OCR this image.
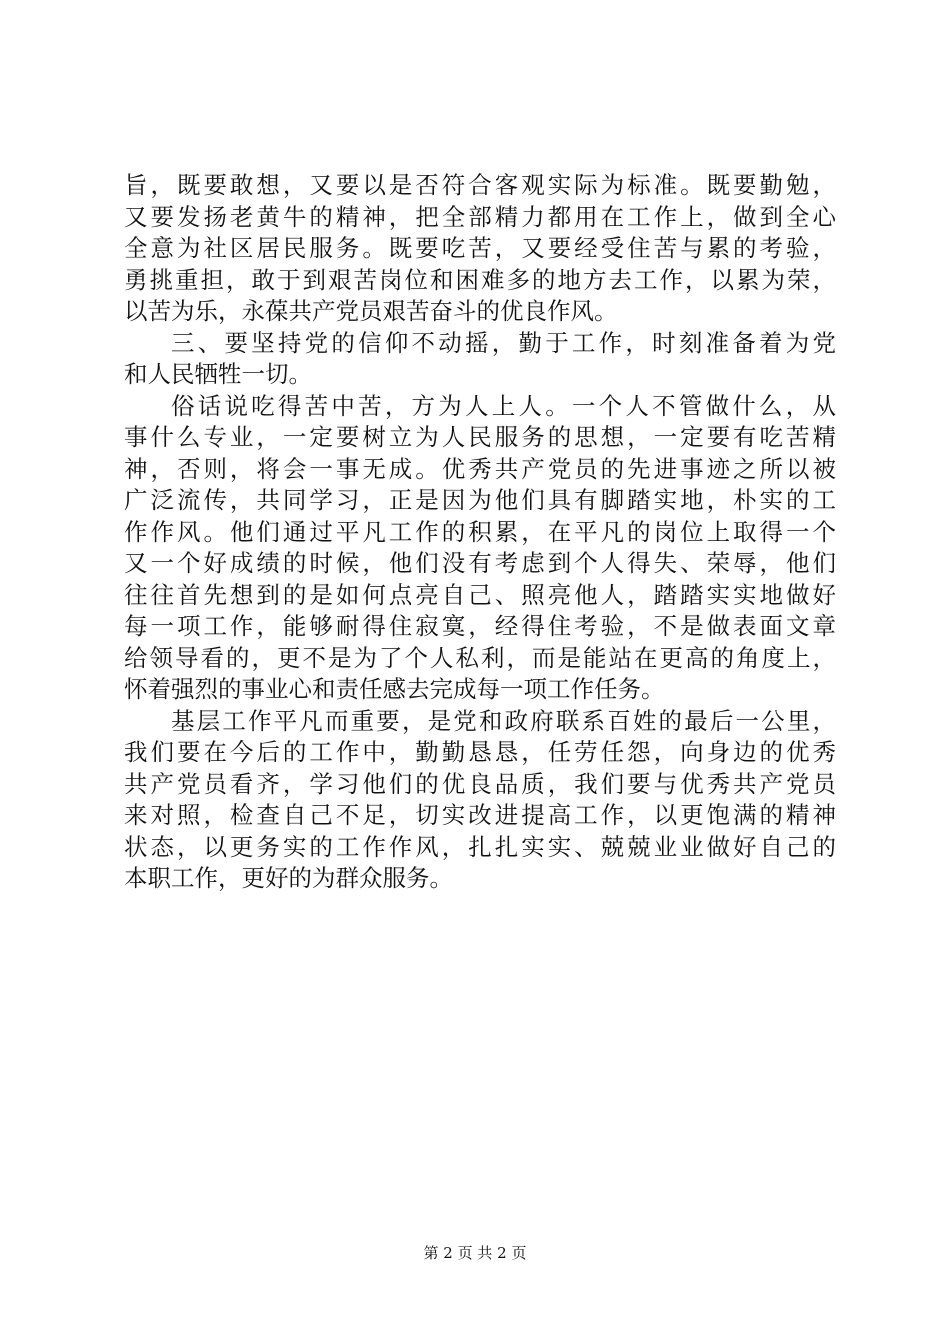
旨，既要敢想，又要以是否符合客观实际为标准。既要勤勉，
又要发扬老黄牛的精神，把全部精力都用在工作上，做到全心
全意为社区居民服务。既要吃苦，又要经受住苦与累的考验，
勇挑重担，敢于到艰苦岗位和困难多的地方去工作，以累为荣，
以苦为乐，永葆共产党员艰苦奋斗的优良作风。
三、要坚持党的信仰不动摇，勤于工作，时刻准备着为党
和人民牺牲一切。
俗话说吃得苦中苦，方为人上人。一个人不管做什么，从
事什么专业，一定要树立为人民服务的思想，一定要有吃苦精
神，否则，将会一事无成。优秀共产党员的先进事迹之所以被
广泛流传，共同学习，正是因为他们具有脚踏实地，朴实的工
作作风。他们通过平凡工作的积累，在平凡的岗位上取得一个
又一个好成绩的时候，他们没有考虑到个人得失、荣辱，他们
往往首先想到的是如何点亮自己、照亮他人，踏踏实实地做好
每一项工作，能够耐得住寂寞，经得住考验，不是做表面文章
给领导看的，更不是为了个人私利，而是能站在更高的角度上，
怀着强烈的事业心和责任感去完成每一项工作任务。
基层工作平凡而重要，是党和政府联系百姓的最后一公里，
我们要在今后的工作中，勤勤恳恳，任劳任怨，向身边的优秀
共产党员看齐，学习他们的优良品质，我们要与优秀共产党员
来对照，检查自己不足，切实改进提高工作，以更饱满的精神
状态，以更务实的工作作风，扎扎实实、兢兢业业做好自己的
本职工作，更好的为群众服务。
第 2 页 共 2 页
